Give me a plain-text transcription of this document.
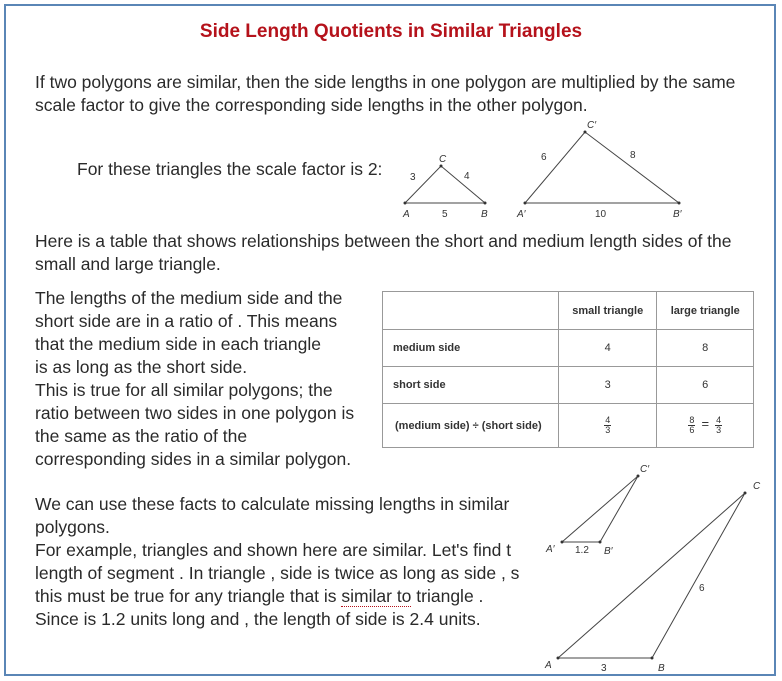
Side Length Quotients in Similar Triangles
If two polygons are similar, then the side lengths in one polygon are multiplied by the same scale factor to give the corresponding side lengths in the other polygon.
For these triangles the scale factor is 2:
A	B
C
5
3	4
A′	B′
C′
10
6	8
Here is a table that shows relationships between the short and medium length sides of the small and large triangle.
The lengths of the medium side and the
short side are in a ratio of . This means
that the medium side in each triangle
is as long as the short side.
This is true for all similar polygons; the
ratio between two sides in one polygon is
the same as the ratio of the
corresponding sides in a similar polygon.
	small triangle	large triangle
medium side	4	8
short side	3	6
(medium side) ÷ (short side)	$\frac{4}{3}$	$\frac{8}{6} = \frac{4}{3}$
We can use these facts to calculate missing lengths in similar
polygons.
For example, triangles and shown here are similar. Let's find t
length of segment . In triangle , side is twice as long as side , s
this must be true for any triangle that is similar to triangle .
Since is 1.2 units long and , the length of side is 2.4 units.
A′	B′
C′
1.2
A	B
C
3
6
